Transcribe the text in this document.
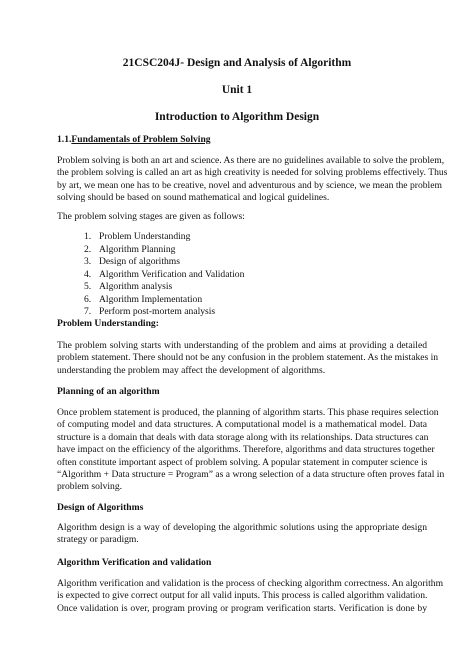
21CSC204J- Design and Analysis of Algorithm
Unit 1
Introduction to Algorithm Design
1.1.Fundamentals of Problem Solving
Problem solving is both an art and science. As there are no guidelines available to solve the problem,
the problem solving is called an art as high creativity is needed for solving problems effectively. Thus
by art, we mean one has to be creative, novel and adventurous and by science, we mean the problem
solving should be based on sound mathematical and logical guidelines.
The problem solving stages are given as follows:
1. Problem Understanding
2. Algorithm Planning
3. Design of algorithms
4. Algorithm Verification and Validation
5. Algorithm analysis
6. Algorithm Implementation
7. Perform post-mortem analysis
Problem Understanding:
The problem solving starts with understanding of the problem and aims at providing a detailed
problem statement. There should not be any confusion in the problem statement. As the mistakes in
understanding the problem may affect the development of algorithms.
Planning of an algorithm
Once problem statement is produced, the planning of algorithm starts. This phase requires selection
of computing model and data structures. A computational model is a mathematical model. Data
structure is a domain that deals with data storage along with its relationships. Data structures can
have impact on the efficiency of the algorithms. Therefore, algorithms and data structures together
often constitute important aspect of problem solving. A popular statement in computer science is
“Algorithm + Data structure = Program” as a wrong selection of a data structure often proves fatal in
problem solving.
Design of Algorithms
Algorithm design is a way of developing the algorithmic solutions using the appropriate design
strategy or paradigm.
Algorithm Verification and validation
Algorithm verification and validation is the process of checking algorithm correctness. An algorithm
is expected to give correct output for all valid inputs. This process is called algorithm validation.
Once validation is over, program proving or program verification starts. Verification is done by
